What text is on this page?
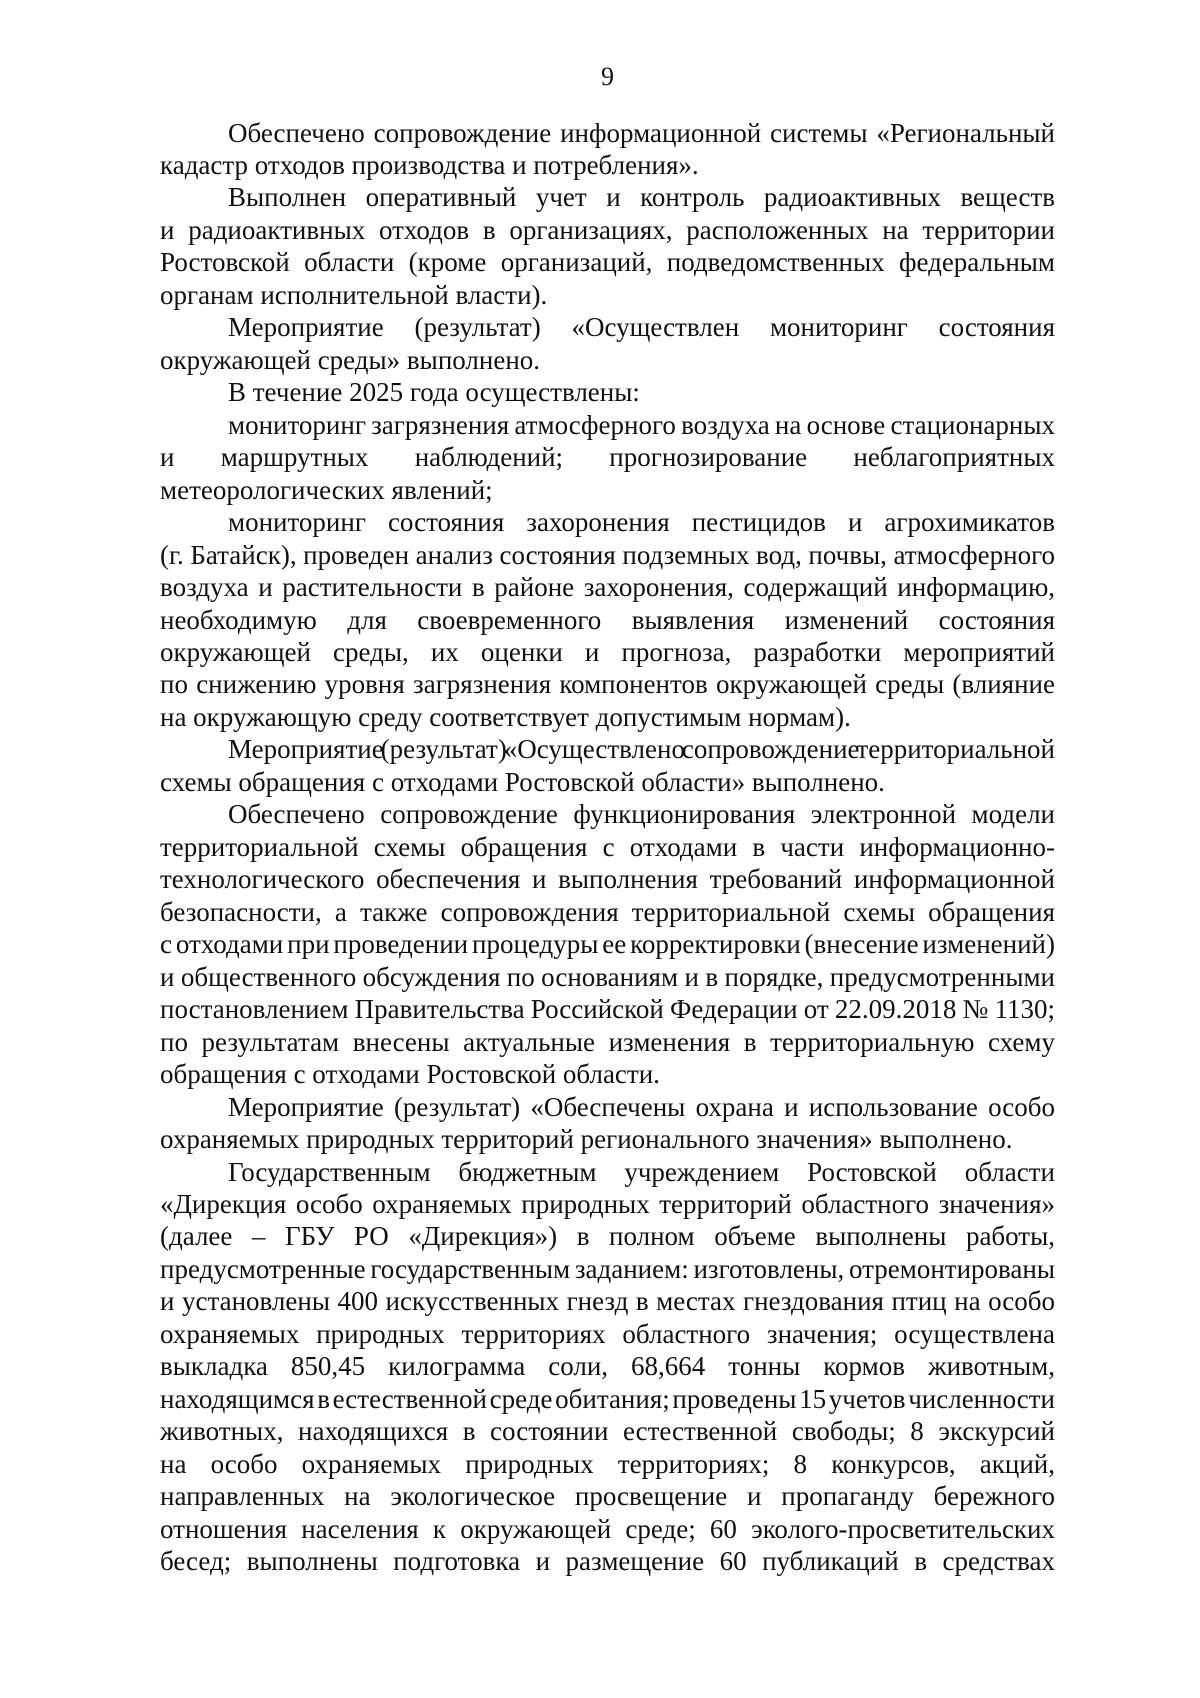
9
Обеспечено сопровождение информационной системы «Региональный
кадастр отходов производства и потребления».
Выполнен оперативный учет и контроль радиоактивных веществ
и радиоактивных отходов в организациях, расположенных на территории
Ростовской области (кроме организаций, подведомственных федеральным
органам исполнительной власти).
Мероприятие (результат) «Осуществлен мониторинг состояния
окружающей среды» выполнено.
В течение 2025 года осуществлены:
мониторинг загрязнения атмосферного воздуха на основе стационарных
и маршрутных наблюдений; прогнозирование неблагоприятных
метеорологических явлений;
мониторинг состояния захоронения пестицидов и агрохимикатов
(г. Батайск), проведен анализ состояния подземных вод, почвы, атмосферного
воздуха и растительности в районе захоронения, содержащий информацию,
необходимую для своевременного выявления изменений состояния
окружающей среды, их оценки и прогноза, разработки мероприятий
по снижению уровня загрязнения компонентов окружающей среды (влияние
на окружающую среду соответствует допустимым нормам).
Мероприятие (результат) «Осуществлено сопровождение территориальной
схемы обращения с отходами Ростовской области» выполнено.
Обеспечено сопровождение функционирования электронной модели
территориальной схемы обращения с отходами в части информационно-
технологического обеспечения и выполнения требований информационной
безопасности, а также сопровождения территориальной схемы обращения
с отходами при проведении процедуры ее корректировки (внесение изменений)
и общественного обсуждения по основаниям и в порядке, предусмотренными
постановлением Правительства Российской Федерации от 22.09.2018 № 1130;
по результатам внесены актуальные изменения в территориальную схему
обращения с отходами Ростовской области.
Мероприятие (результат) «Обеспечены охрана и использование особо
охраняемых природных территорий регионального значения» выполнено.
Государственным бюджетным учреждением Ростовской области
«Дирекция особо охраняемых природных территорий областного значения»
(далее – ГБУ РО «Дирекция») в полном объеме выполнены работы,
предусмотренные государственным заданием: изготовлены, отремонтированы
и установлены 400 искусственных гнезд в местах гнездования птиц на особо
охраняемых природных территориях областного значения; осуществлена
выкладка 850,45 килограмма соли, 68,664 тонны кормов животным,
находящимся в естественной среде обитания; проведены 15 учетов численности
животных, находящихся в состоянии естественной свободы; 8 экскурсий
на особо охраняемых природных территориях; 8 конкурсов, акций,
направленных на экологическое просвещение и пропаганду бережного
отношения населения к окружающей среде; 60 эколого-просветительских
бесед; выполнены подготовка и размещение 60 публикаций в средствах
